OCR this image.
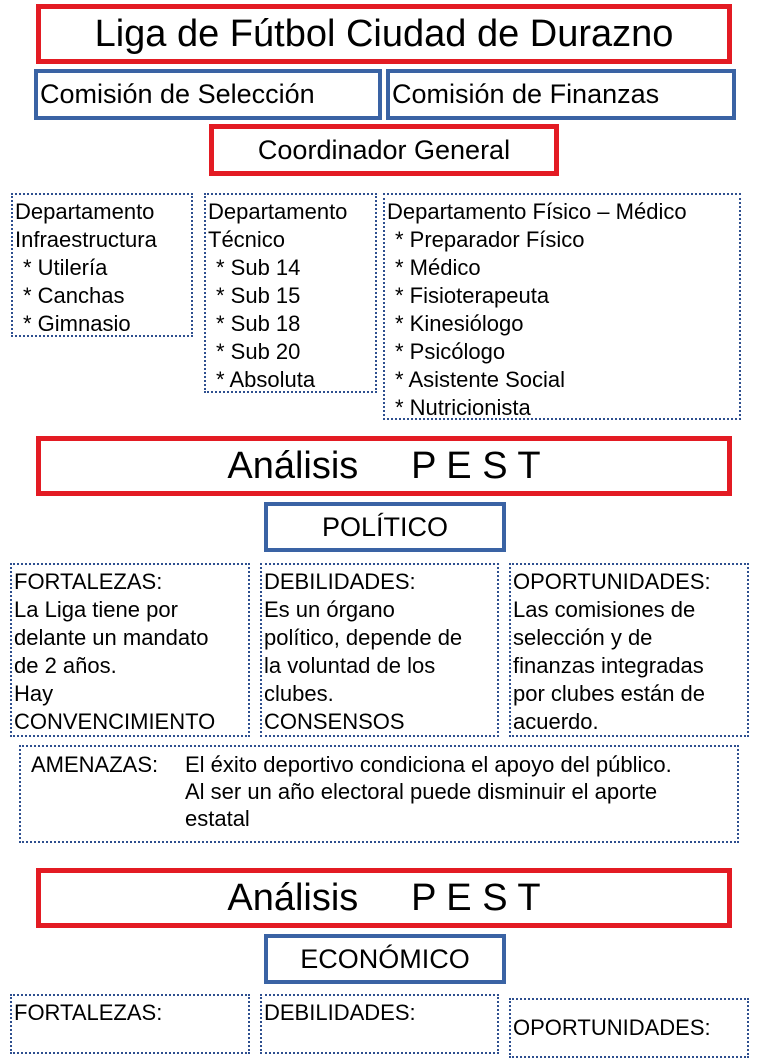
Liga de Fútbol Ciudad de Durazno
Comisión de Selección	Comisión de Finanzas
Coordinador General
Departamento
Infraestructura
* Utilería
* Canchas
* Gimnasio
Departamento
Técnico
* Sub 14
* Sub 15
* Sub 18
* Sub 20
* Absoluta
Departamento Físico – Médico
* Preparador Físico
* Médico
* Fisioterapeuta
* Kinesiólogo
* Psicólogo
* Asistente Social
* Nutricionista
Análisis     P E S T
POLÍTICO
FORTALEZAS:
La Liga tiene por
delante un mandato
de 2 años.
Hay
CONVENCIMIENTO
DEBILIDADES:
Es un órgano
político, depende de
la voluntad de los
clubes.
CONSENSOS
OPORTUNIDADES:
Las comisiones de
selección y de
finanzas integradas
por clubes están de
acuerdo.
AMENAZAS: El éxito deportivo condiciona el apoyo del público.
Al ser un año electoral puede disminuir el aporte
estatal
Análisis     P E S T
ECONÓMICO
FORTALEZAS:	DEBILIDADES:
OPORTUNIDADES:
